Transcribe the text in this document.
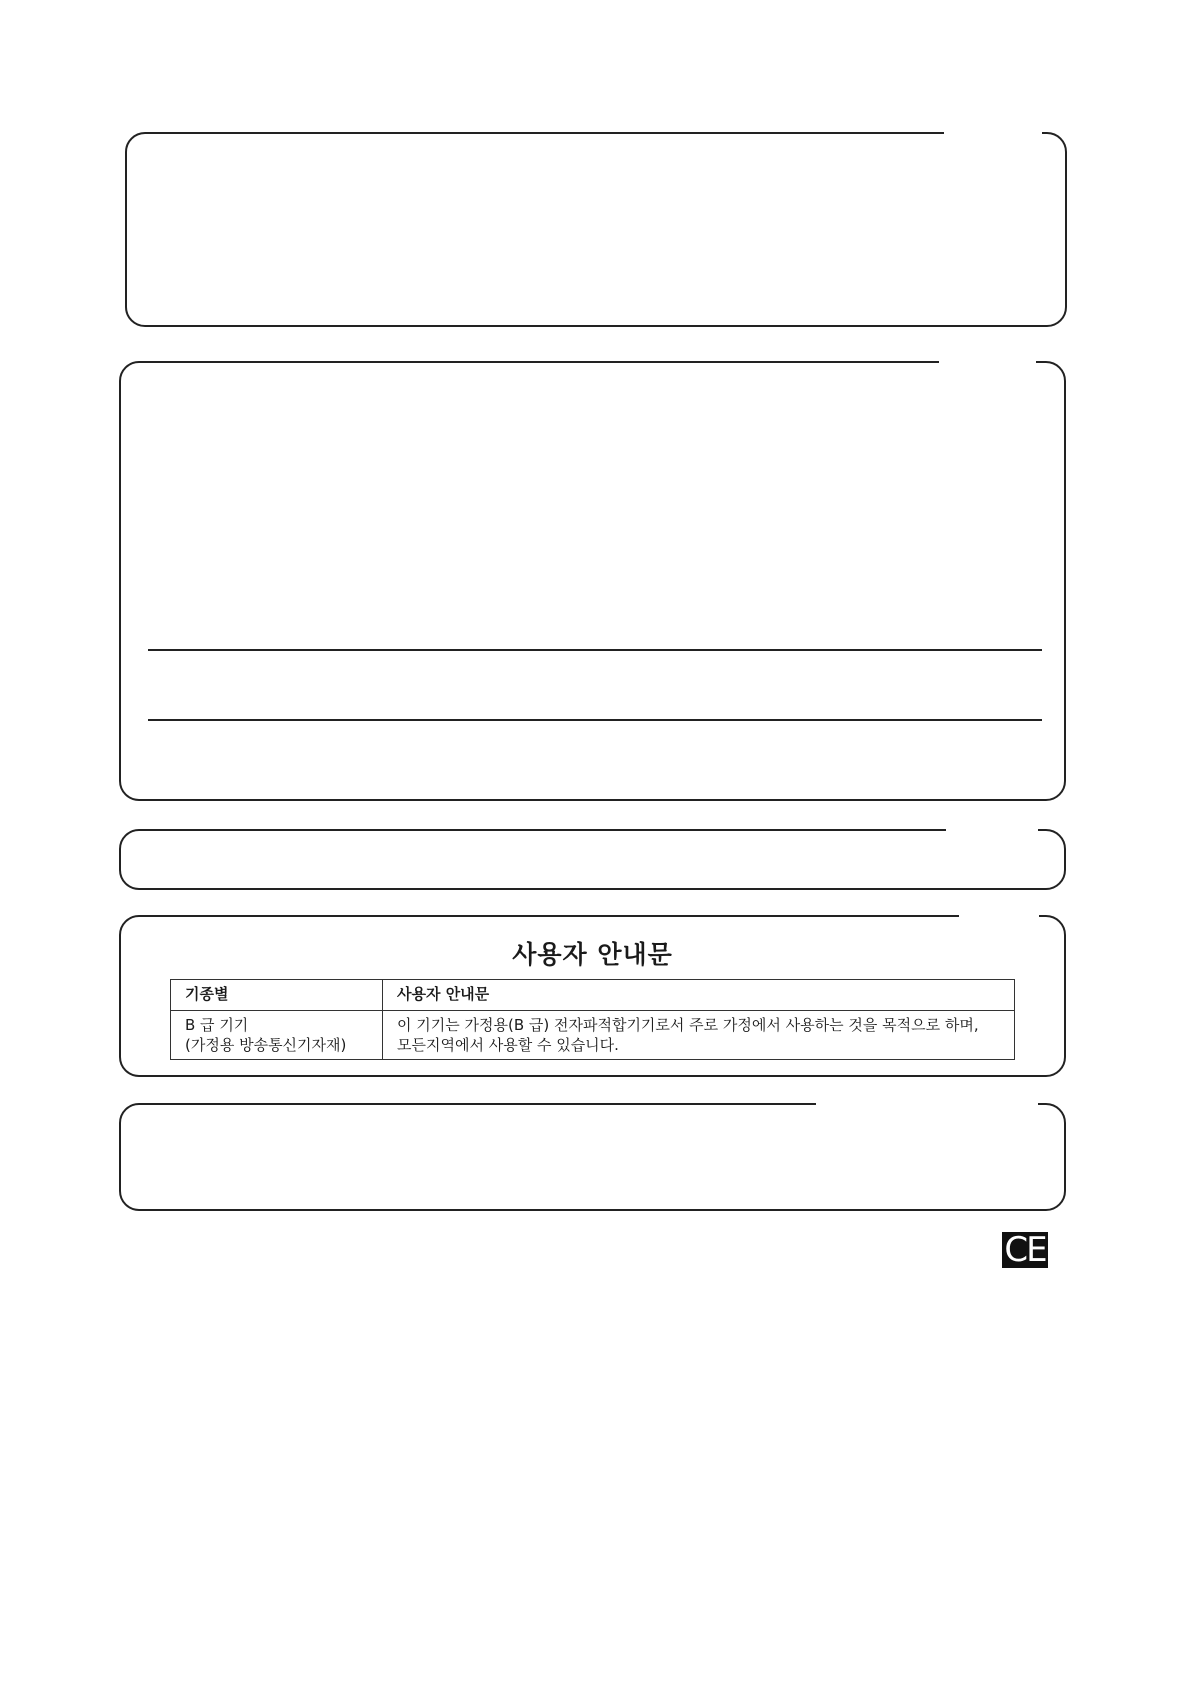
사용자 안내문
기종별	사용자 안내문

B 급 기기
(가정용 방송통신기자재)	이 기기는 가정용(B 급) 전자파적합기기로서 주로 가정에서 사용하는 것을 목적으로 하며,
모든지역에서 사용할 수 있습니다.
CE
